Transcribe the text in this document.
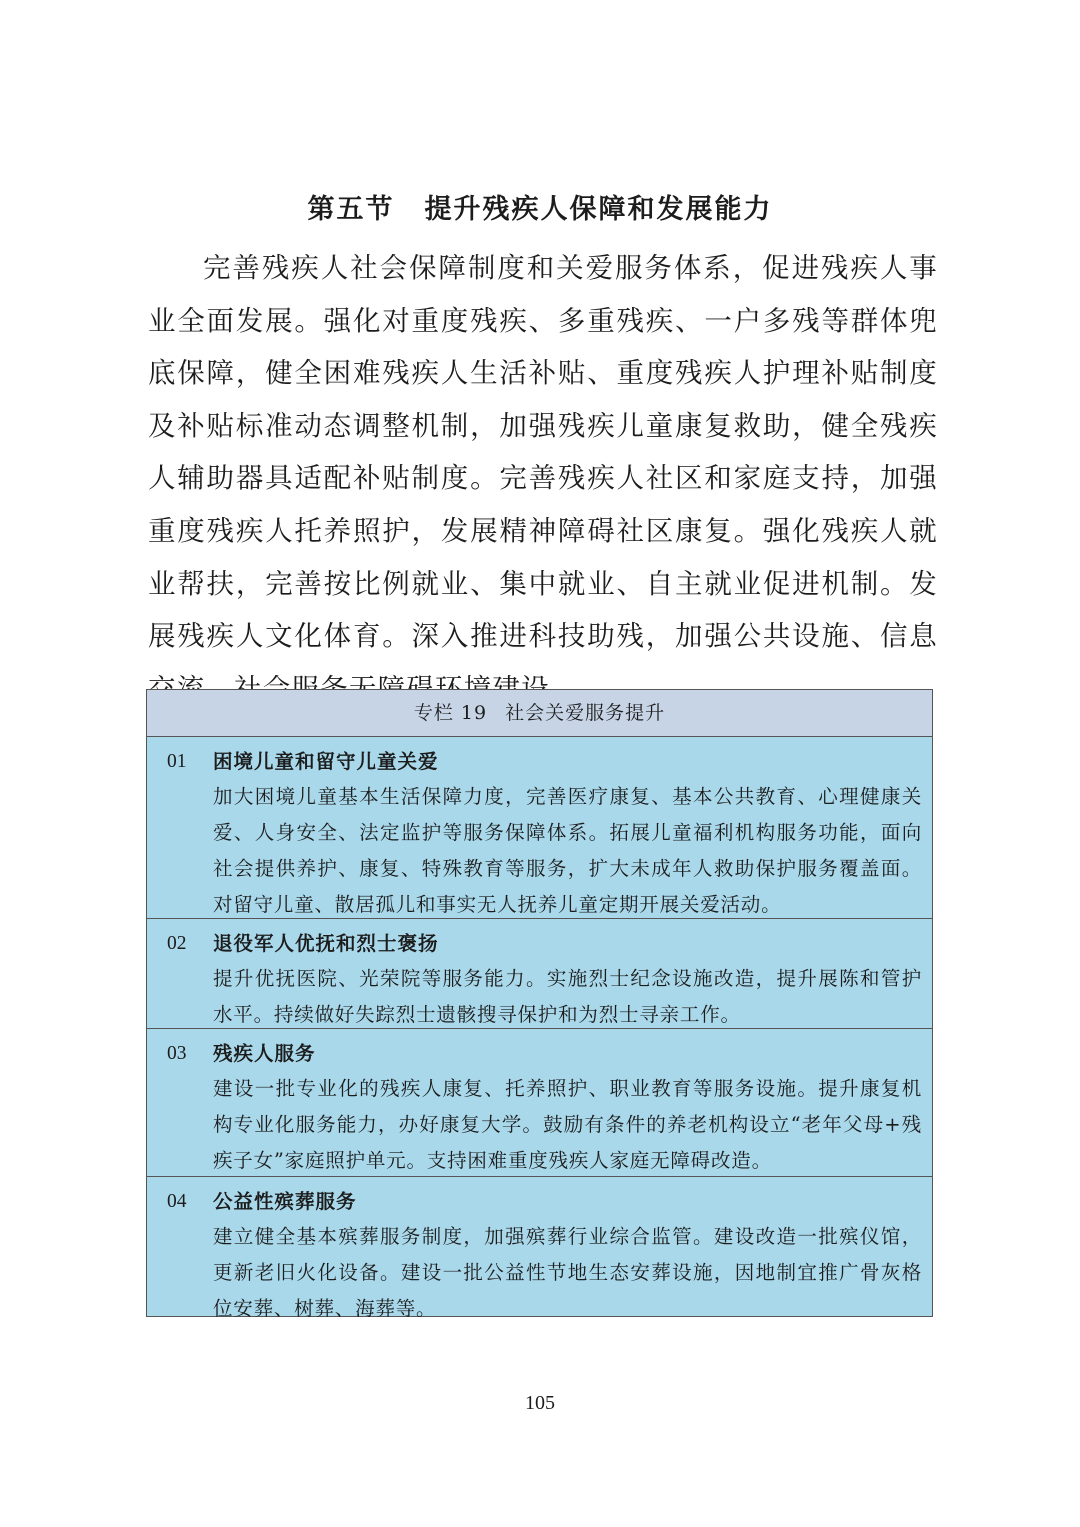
第五节 提升残疾人保障和发展能力

完善残疾人社会保障制度和关爱服务体系，促进残疾人事业全面发展。强化对重度残疾、多重残疾、一户多残等群体兜底保障，健全困难残疾人生活补贴、重度残疾人护理补贴制度及补贴标准动态调整机制，加强残疾儿童康复救助，健全残疾人辅助器具适配补贴制度。完善残疾人社区和家庭支持，加强重度残疾人托养照护，发展精神障碍社区康复。强化残疾人就业帮扶，完善按比例就业、集中就业、自主就业促进机制。发展残疾人文化体育。深入推进科技助残，加强公共设施、信息

专栏 19 社会关爱服务提升
01	困境儿童和留守儿童关爱
加大困境儿童基本生活保障力度，完善医疗康复、基本公共教育、心理健康关爱、人身安全、法定监护等服务保障体系。拓展儿童福利机构服务功能，面向社会提供养护、康复、特殊教育等服务，扩大未成年人救助保护服务覆盖面。对留守儿童、散居孤儿和事实无人抚养儿童定期开展关爱活动。
02	退役军人优抚和烈士褒扬
提升优抚医院、光荣院等服务能力。实施烈士纪念设施改造，提升展陈和管护水平。持续做好失踪烈士遗骸搜寻保护和为烈士寻亲工作。
03	残疾人服务
建设一批专业化的残疾人康复、托养照护、职业教育等服务设施。提升康复机构专业化服务能力，办好康复大学。鼓励有条件的养老机构设立“老年父母+残疾子女”家庭照护单元。支持困难重度残疾人家庭无障碍改造。
04	公益性殡葬服务
建立健全基本殡葬服务制度，加强殡葬行业综合监管。建设改造一批殡仪馆，更新老旧火化设备。建设一批公益性节地生态安葬设施，因地制宜推广骨灰格位安葬、树葬、海葬等。
105
